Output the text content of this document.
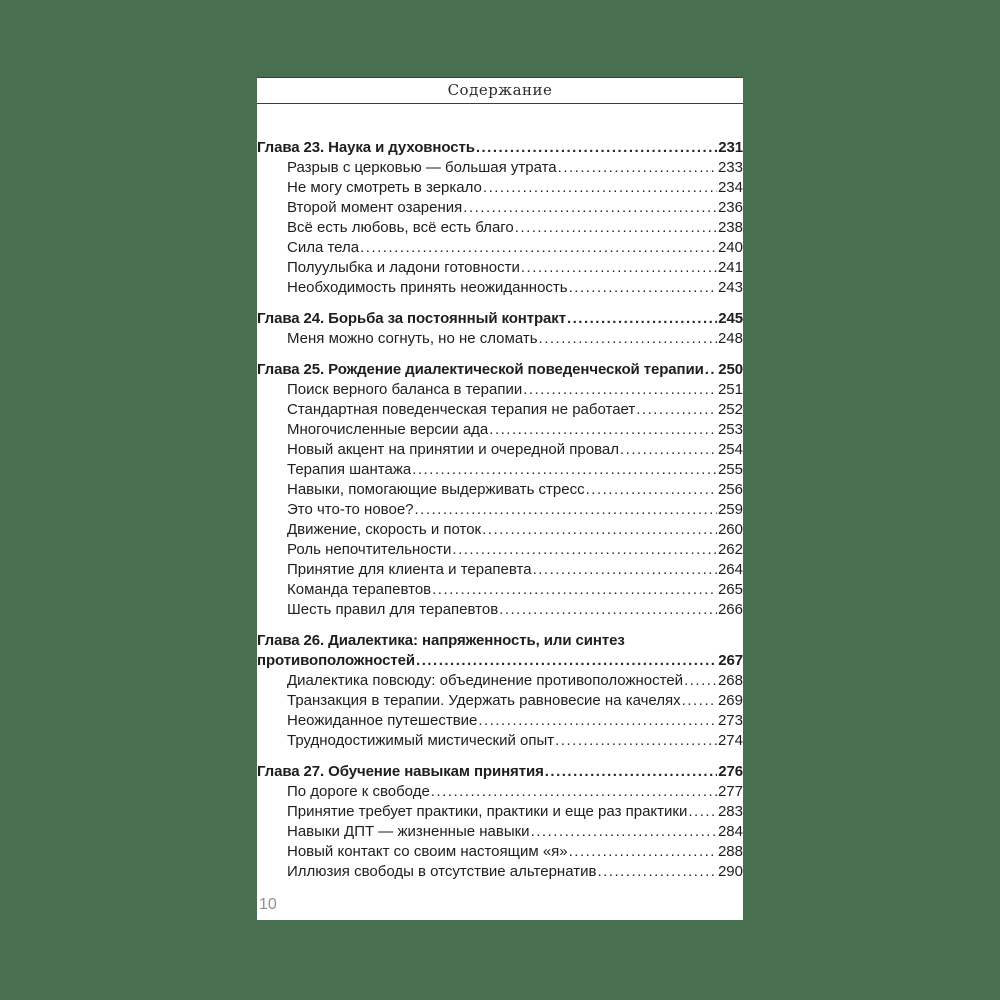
Содержание
Глава 23. Наука и духовность .....	231
Разрыв с церковью — большая утрата .....	233
Не могу смотреть в зеркало .....	234
Второй момент озарения .....	236
Всё есть любовь, всё есть благо .....	238
Сила тела .....	240
Полуулыбка и ладони готовности .....	241
Необходимость принять неожиданность .....	243
Глава 24. Борьба за постоянный контракт .....	245
Меня можно согнуть, но не сломать .....	248
Глава 25. Рождение диалектической поведенческой терапии ..... 250
Поиск верного баланса в терапии .....	251
Стандартная поведенческая терапия не работает .....	252
Многочисленные версии ада .....	253
Новый акцент на принятии и очередной провал .....	254
Терапия шантажа .....	255
Навыки, помогающие выдерживать стресс .....	256
Это что-то новое? .....	259
Движение, скорость и поток .....	260
Роль непочтительности .....	262
Принятие для клиента и терапевта .....	264
Команда терапевтов .....	265
Шесть правил для терапевтов .....	266
Глава 26. Диалектика: напряженность, или синтез
противоположностей .....	267
Диалектика повсюду: объединение противоположностей ..... 268
Транзакция в терапии. Удержать равновесие на качелях ..... 269
Неожиданное путешествие .....	273
Труднодостижимый мистический опыт .....	274
Глава 27. Обучение навыкам принятия .....	276
По дороге к свободе .....	277
Принятие требует практики, практики и еще раз практики ..... 283
Навыки ДПТ — жизненные навыки .....	284
Новый контакт со своим настоящим «я» .....	288
Иллюзия свободы в отсутствие альтернатив .....	290
10
